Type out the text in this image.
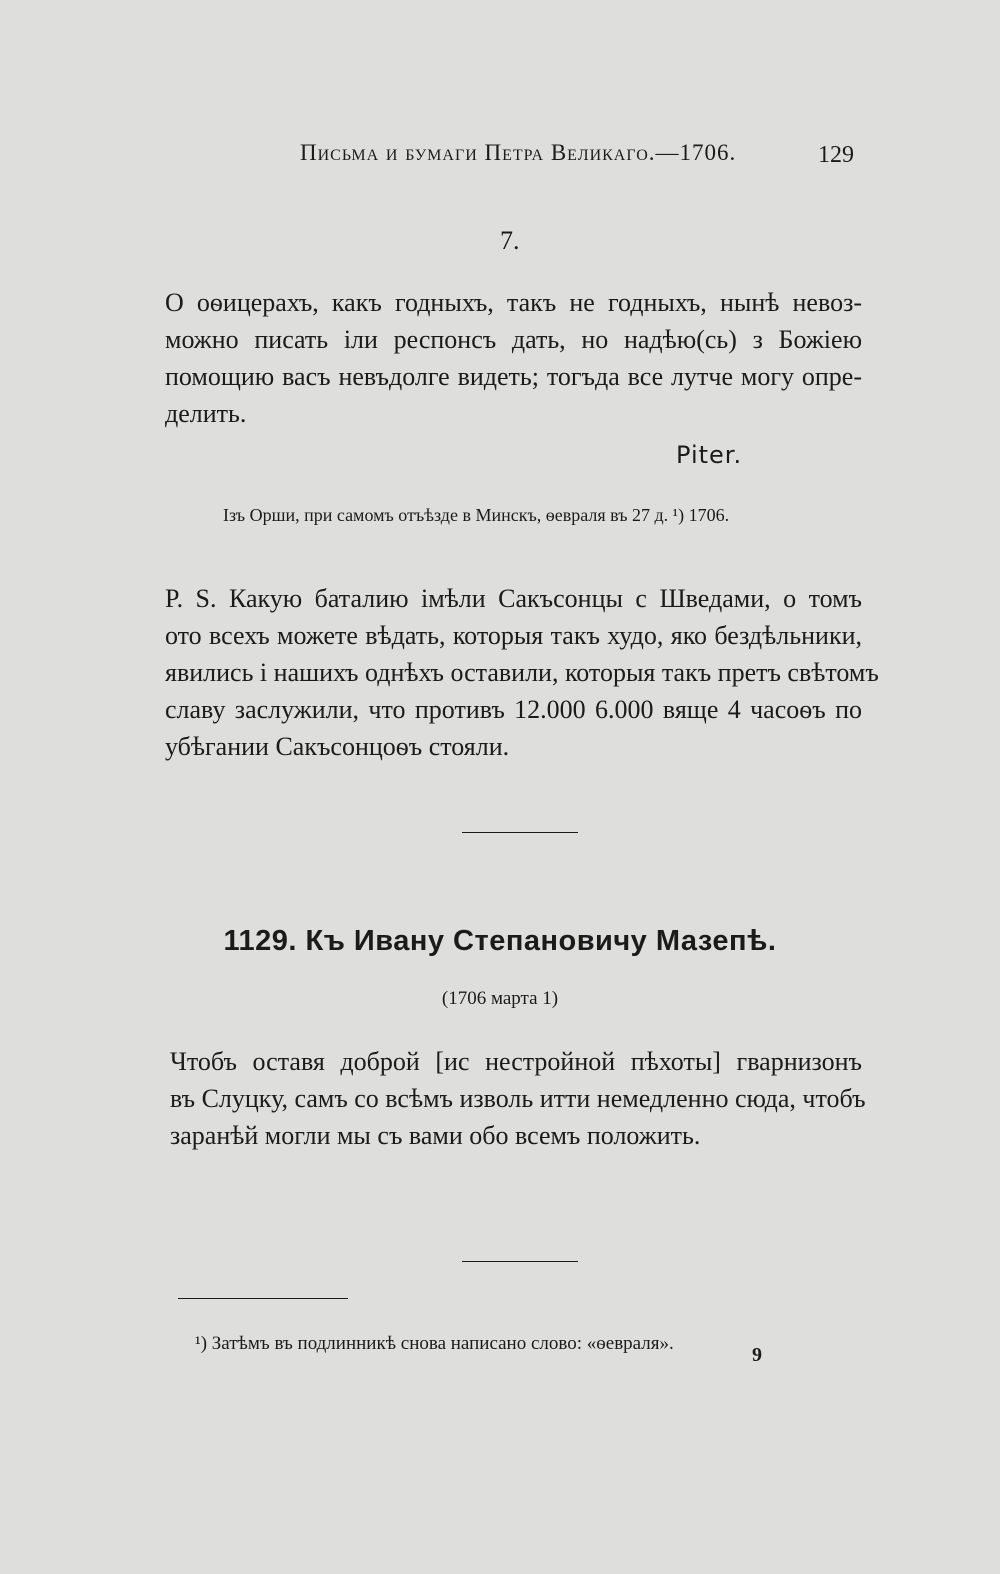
Письма и бумаги Петра Великаго.—1706.	129
7.
О оѳицерахъ, какъ годныхъ, такъ не годныхъ, нынѣ невоз-
можно писать іли респонсъ дать, но надѣю(сь) з Божіею
помощию васъ невъдолге видеть; тогъда все лутче могу опре-
делить.
Piter.
Ізъ Орши, при самомъ отъѣзде в Минскъ, ѳевраля въ 27 д. ¹) 1706.
P. S. Какую баталию імѣли Сакъсонцы с Шведами, о томъ
ото всехъ можете вѣдать, которыя такъ худо, яко бездѣльники,
явились і нашихъ однѣхъ оставили, которыя такъ претъ свѣтомъ
славу заслужили, что противъ 12.000 6.000 вяще 4 часоѳъ по
убѣгании Сакъсонцоѳъ стояли.
1129. Къ Ивану Степановичу Мазепѣ.
(1706 марта 1)
Чтобъ оставя доброй [ис нестройной пѣхоты] гварнизонъ
въ Слуцку, самъ со всѣмъ изволь итти немедленно сюда, чтобъ
заранѣй могли мы съ вами обо всемъ положить.
¹) Затѣмъ въ подлинникѣ снова написано слово: «ѳевраля».
9
